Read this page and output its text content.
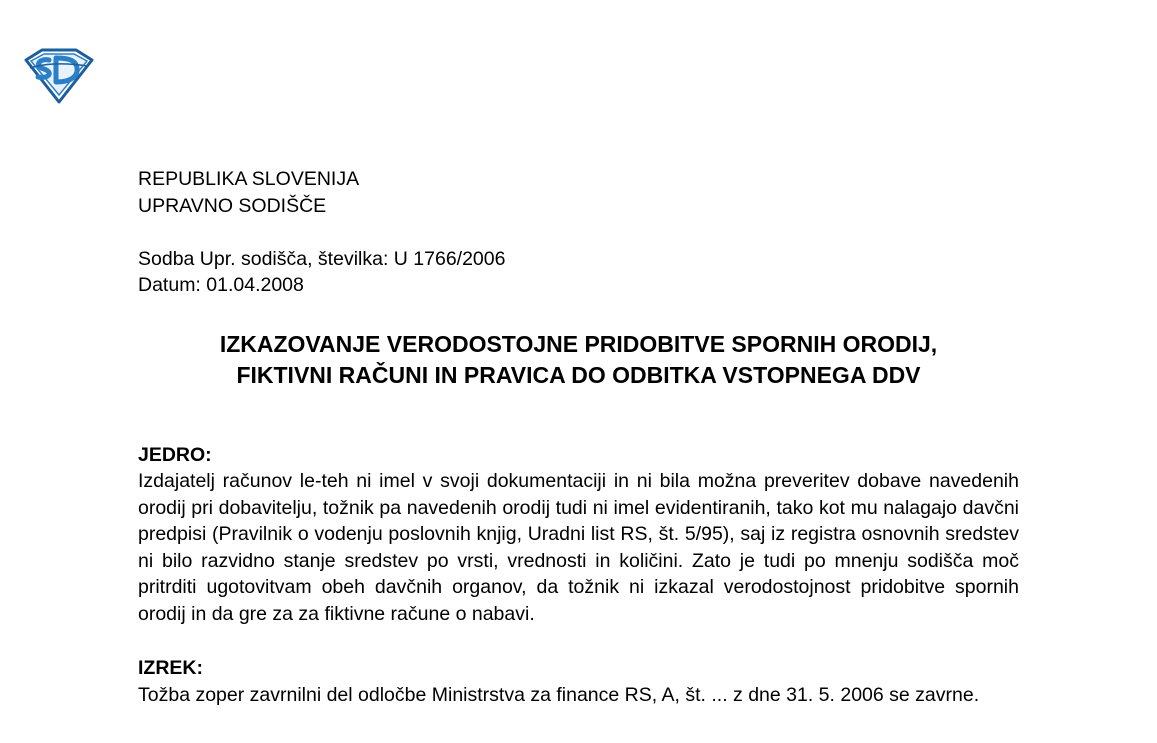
REPUBLIKA SLOVENIJA
UPRAVNO SODIŠČE
Sodba Upr. sodišča, številka: U 1766/2006
Datum: 01.04.2008
IZKAZOVANJE VERODOSTOJNE PRIDOBITVE SPORNIH ORODIJ,
FIKTIVNI RAČUNI IN PRAVICA DO ODBITKA VSTOPNEGA DDV
JEDRO:

Izdajatelj računov le-teh ni imel v svoji dokumentaciji in ni bila možna preveritev dobave navedenih orodij pri dobavitelju, tožnik pa navedenih orodij tudi ni imel evidentiranih, tako kot mu nalagajo davčni predpisi (Pravilnik o vodenju poslovnih knjig, Uradni list RS, št. 5/95), saj iz registra osnovnih sredstev ni bilo razvidno stanje sredstev po vrsti, vrednosti in količini. Zato je tudi po mnenju sodišča moč pritrditi ugotovitvam obeh davčnih organov, da tožnik ni izkazal verodostojnost pridobitve spornih orodij in da gre za za fiktivne račune o nabavi.

IZREK:

Tožba zoper zavrnilni del odločbe Ministrstva za finance RS, A, št. ... z dne 31. 5. 2006 se zavrne.
